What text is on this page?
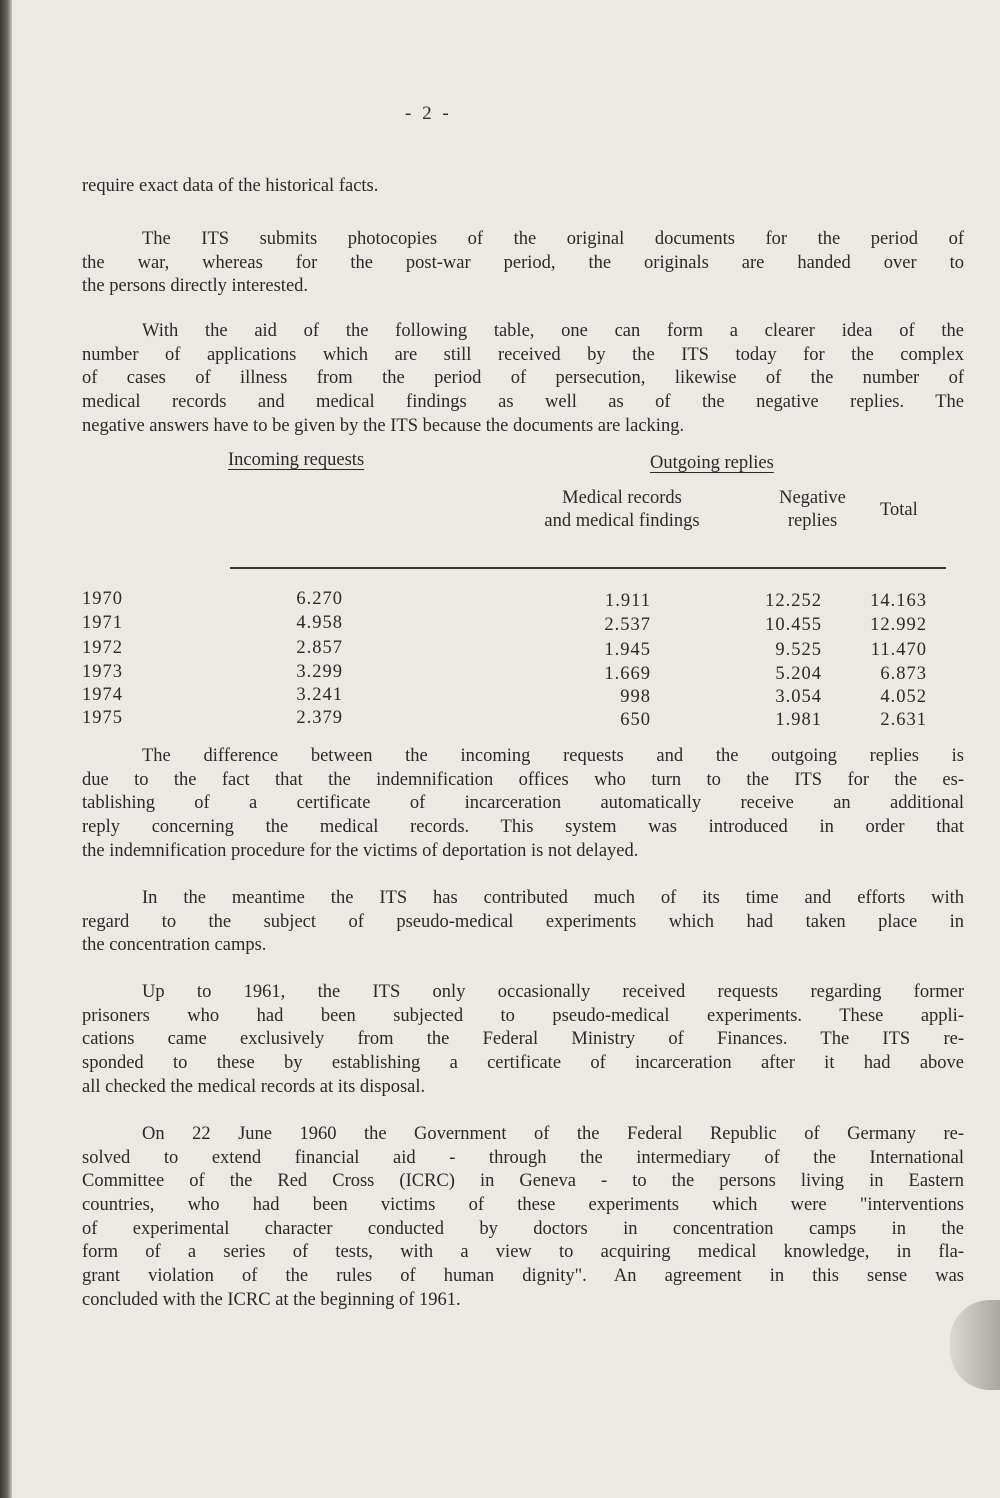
- 2 -
require exact data of the historical facts.
The ITS submits photocopies of the original documents for the period of
the war, whereas for the post-war period, the originals are handed over to
the persons directly interested.
With the aid of the following table, one can form a clearer idea of the
number of applications which are still received by the ITS today for the complex
of cases of illness from the period of persecution, likewise of the number of
medical records and medical findings as well as of the negative replies. The
negative answers have to be given by the ITS because the documents are lacking.
The difference between the incoming requests and the outgoing replies is
due to the fact that the indemnification offices who turn to the ITS for the es-
tablishing of a certificate of incarceration automatically receive an additional
reply concerning the medical records. This system was introduced in order that
the indemnification procedure for the victims of deportation is not delayed.
In the meantime the ITS has contributed much of its time and efforts with
regard to the subject of pseudo-medical experiments which had taken place in
the concentration camps.
Up to 1961, the ITS only occasionally received requests regarding former
prisoners who had been subjected to pseudo-medical experiments. These appli-
cations came exclusively from the Federal Ministry of Finances. The ITS re-
sponded to these by establishing a certificate of incarceration after it had above
all checked the medical records at its disposal.
On 22 June 1960 the Government of the Federal Republic of Germany re-
solved to extend financial aid - through the intermediary of the International
Committee of the Red Cross (ICRC) in Geneva - to the persons living in Eastern
countries, who had been victims of these experiments which were "interventions
of experimental character conducted by doctors in concentration camps in the
form of a series of tests, with a view to acquiring medical knowledge, in fla-
grant violation of the rules of human dignity". An agreement in this sense was
concluded with the ICRC at the beginning of 1961.
Incoming requests	Outgoing replies
Medical records
and medical findings
Negative
replies
Total
1970	6.270	1.911	12.252	14.163
1971	4.958	2.537	10.455	12.992
1972	2.857	1.945	9.525	11.470
1973	3.299	1.669	5.204	6.873
1974	3.241	998	3.054	4.052
1975	2.379	650	1.981	2.631
